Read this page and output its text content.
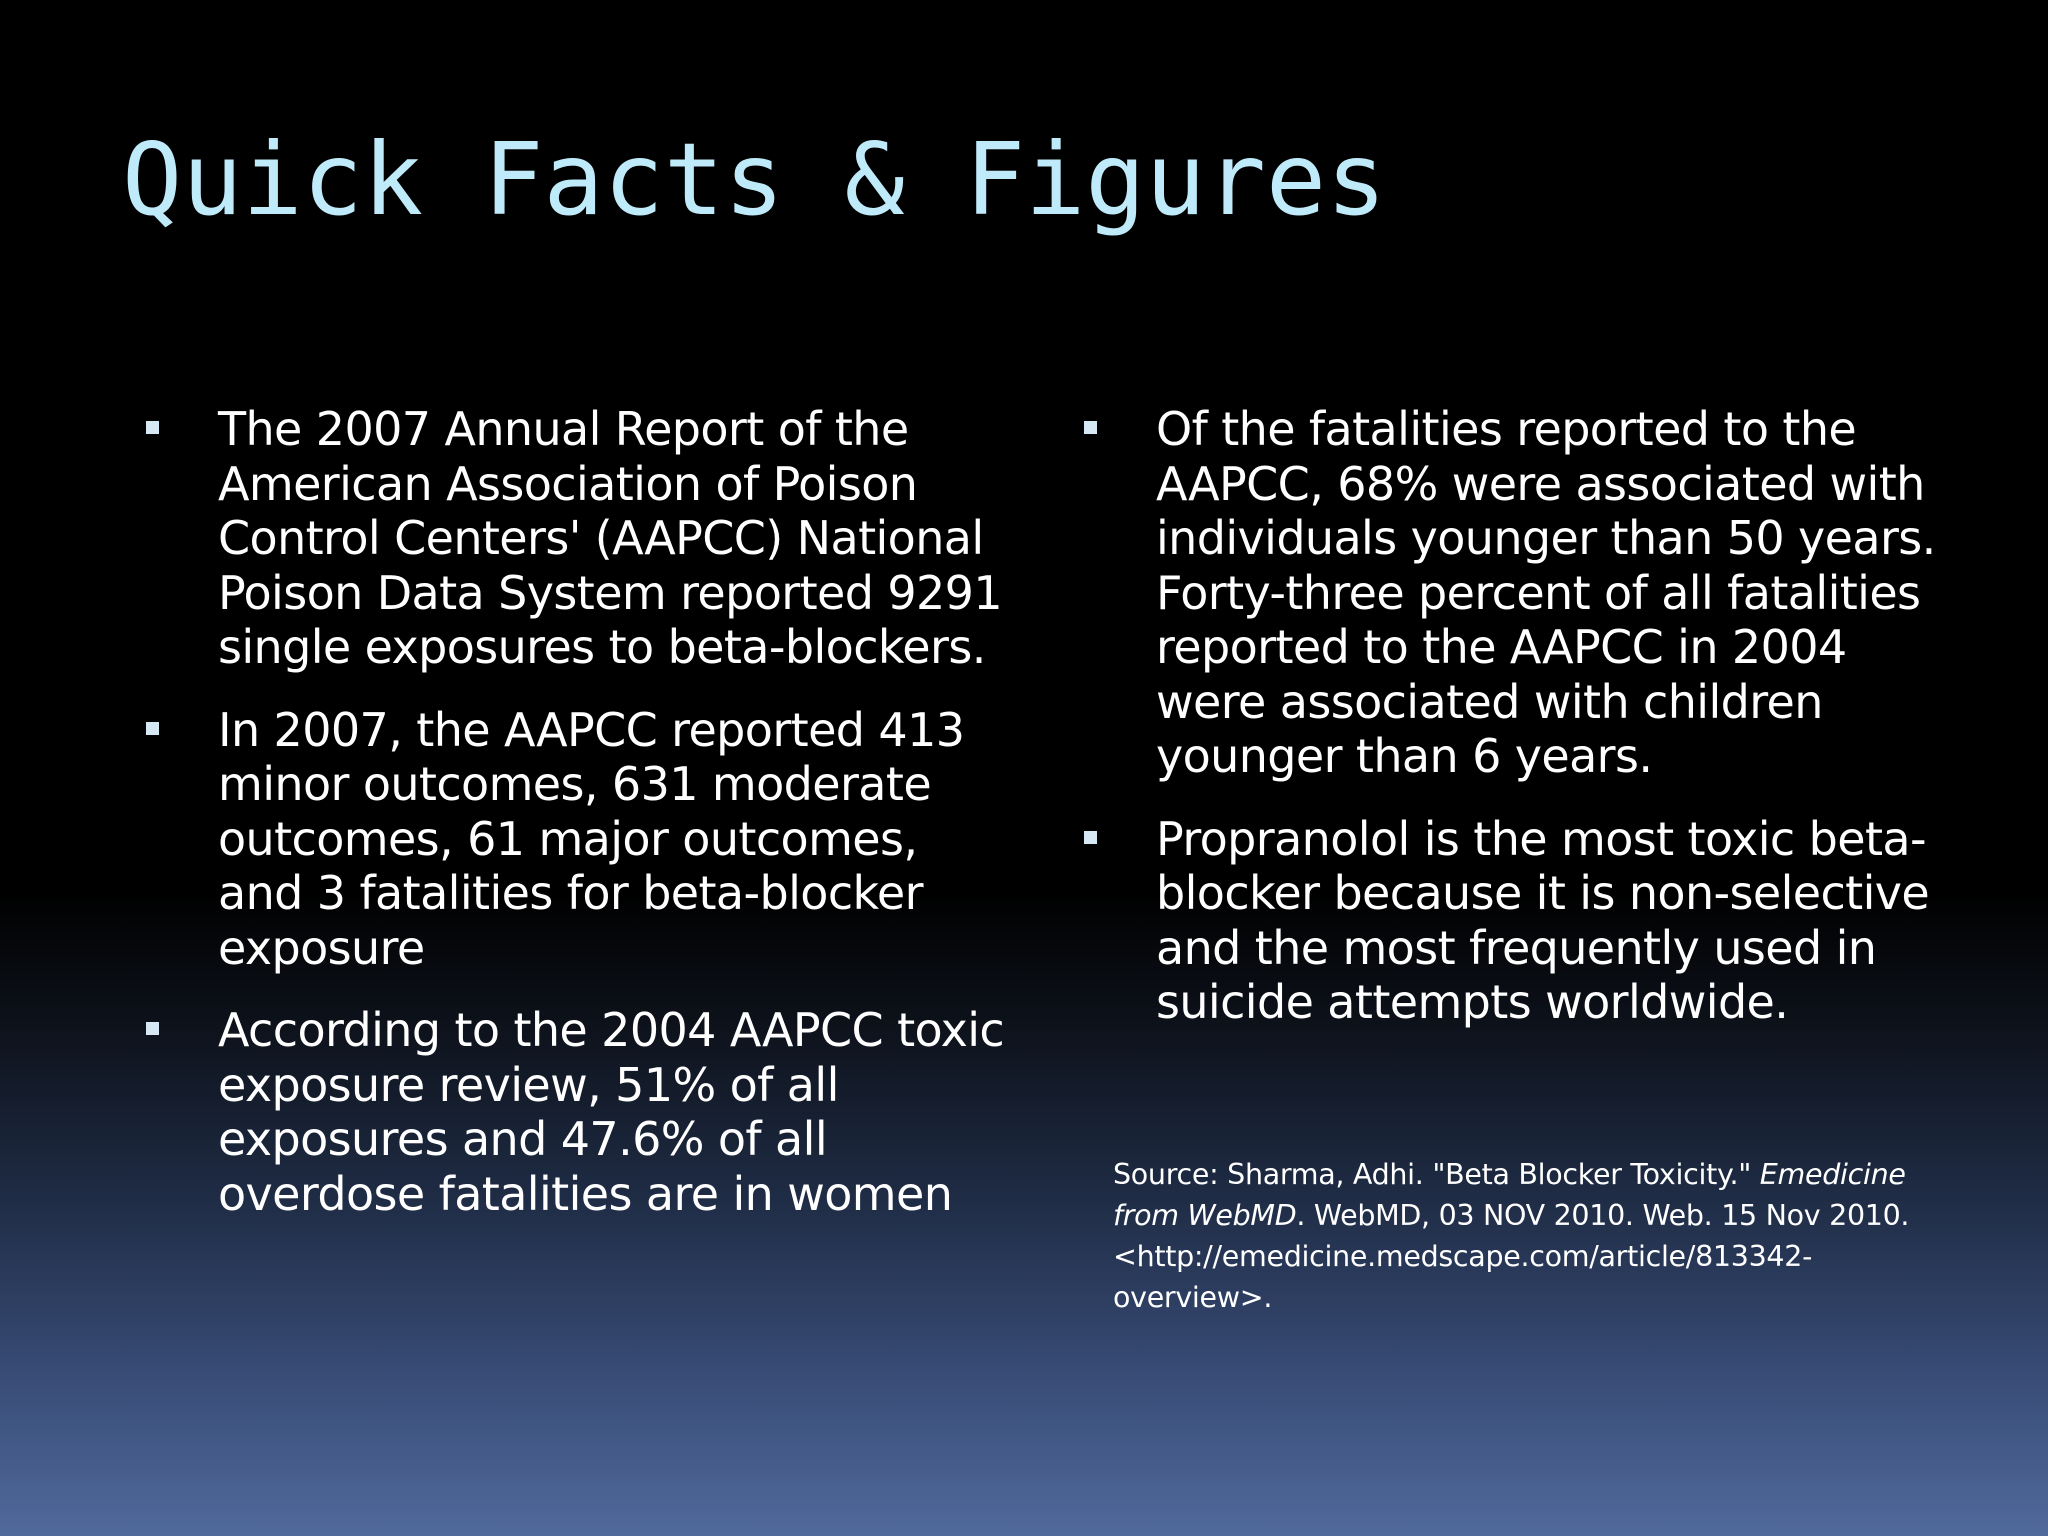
Quick Facts & Figures
The 2007 Annual Report of the American Association of Poison Control Centers' (AAPCC) National Poison Data System reported 9291 single exposures to beta-blockers.
In 2007, the AAPCC reported 413 minor outcomes, 631 moderate outcomes, 61 major outcomes, and 3 fatalities for beta-blocker exposure
According to the 2004 AAPCC toxic exposure review, 51% of all exposures and 47.6% of all overdose fatalities are in women
Of the fatalities reported to the AAPCC, 68% were associated with individuals younger than 50 years. Forty-three percent of all fatalities reported to the AAPCC in 2004 were associated with children younger than 6 years.
Propranolol is the most toxic beta-blocker because it is non-selective and the most frequently used in suicide attempts worldwide.
Source: Sharma, Adhi. "Beta Blocker Toxicity." Emedicine from WebMD. WebMD, 03 NOV 2010. Web. 15 Nov 2010. <http://emedicine.medscape.com/article/813342-overview>.
